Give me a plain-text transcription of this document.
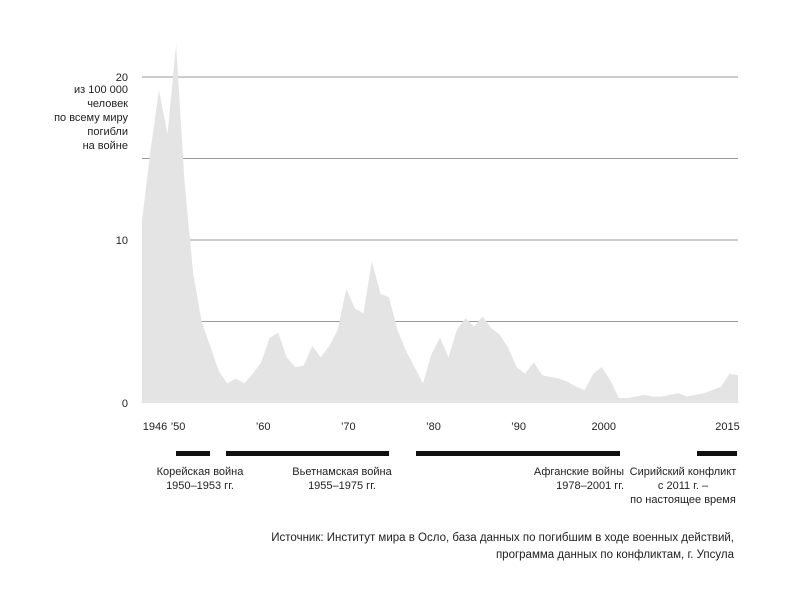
0
10
20
1946 ’50	’60	’70	’80	’90	2000	2015
из 100 000
человек
по всему миру
погибли
на войне
Корейская война
1950–1953 гг.
Вьетнамская война
1955–1975 гг.
Афганские войны
1978–2001 гг.
Сирийский конфликт
с 2011 г. –
по настоящее время
Источник: Институт мира в Осло, база данных по погибшим в ходе военных действий,
программа данных по конфликтам, г. Упсула
